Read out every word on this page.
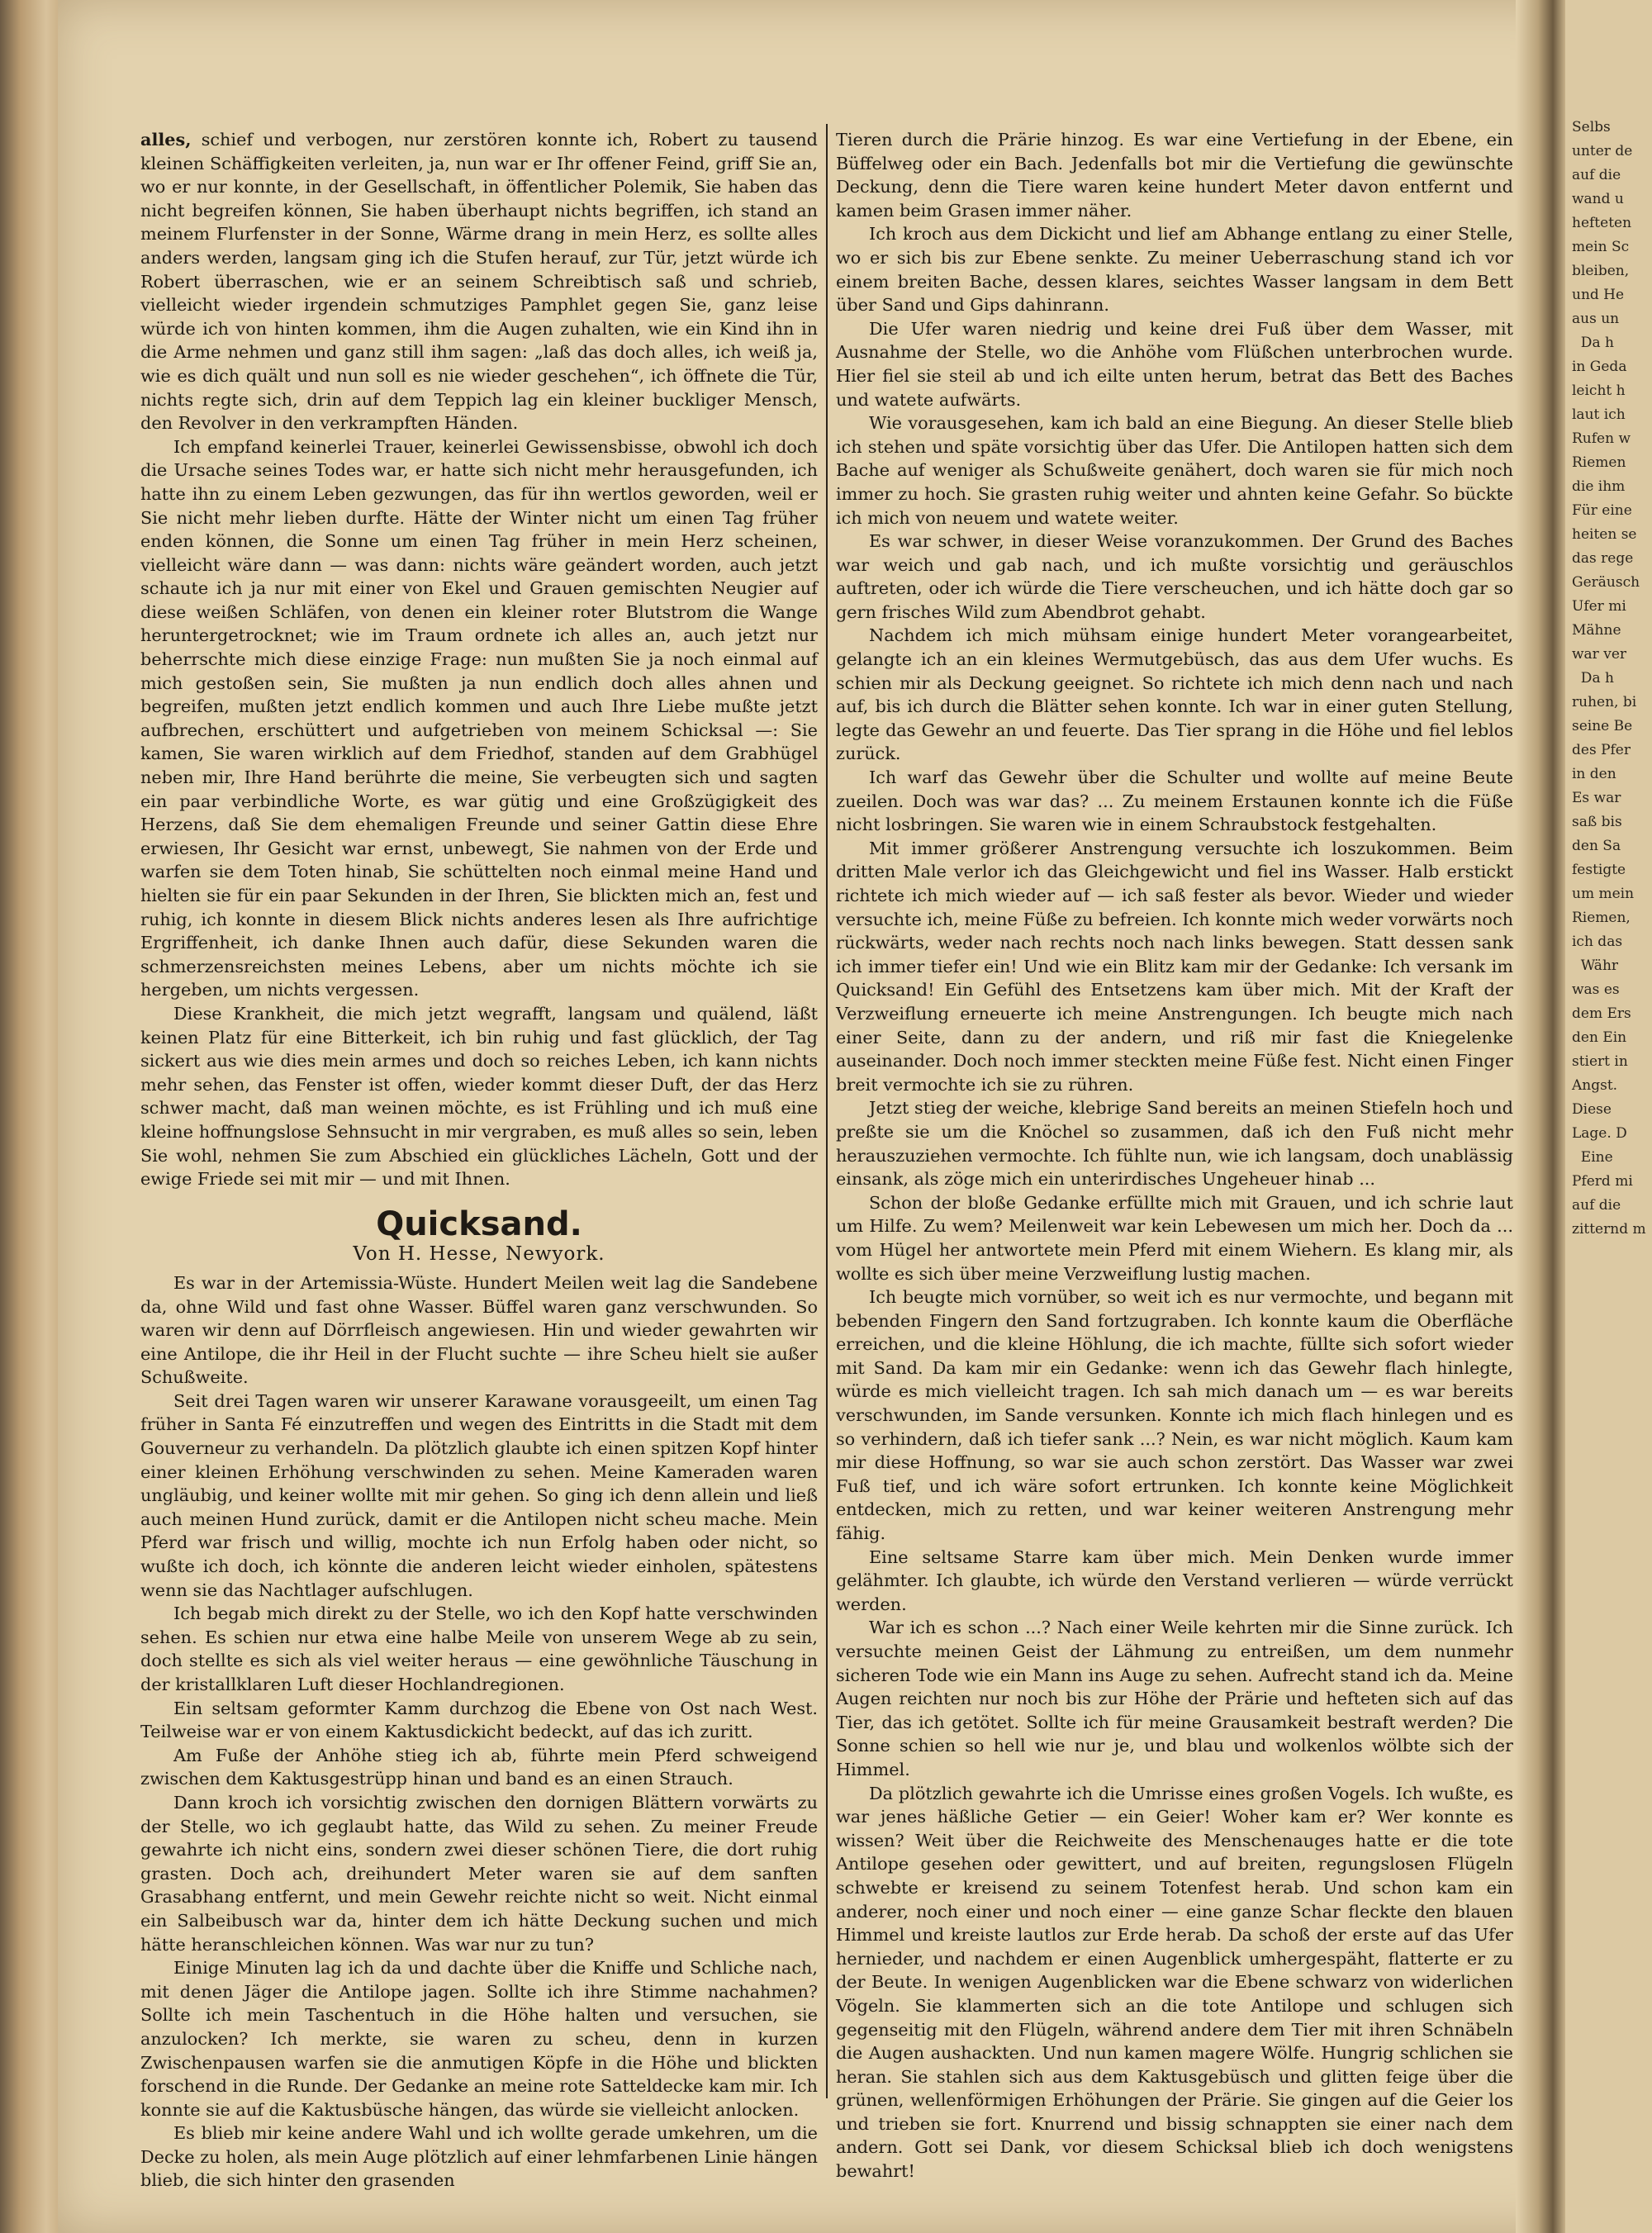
alles, schief und verbogen, nur zerstören konnte ich, Robert zu tausend kleinen Schäffigkeiten verleiten, ja, nun war er Ihr offener Feind, griff Sie an, wo er nur konnte, in der Gesellschaft, in öffentlicher Polemik, Sie haben das nicht begreifen können, Sie haben überhaupt nichts begriffen, ich stand an meinem Flurfenster in der Sonne, Wärme drang in mein Herz, es sollte alles anders werden, langsam ging ich die Stufen herauf, zur Tür, jetzt würde ich Robert überraschen, wie er an seinem Schreibtisch saß und schrieb, vielleicht wieder irgendein schmutziges Pamphlet gegen Sie, ganz leise würde ich von hinten kommen, ihm die Augen zuhalten, wie ein Kind ihn in die Arme nehmen und ganz still ihm sagen: „laß das doch alles, ich weiß ja, wie es dich quält und nun soll es nie wieder geschehen“, ich öffnete die Tür, nichts regte sich, drin auf dem Teppich lag ein kleiner buckliger Mensch, den Revolver in den verkrampften Händen.

Ich empfand keinerlei Trauer, keinerlei Gewissensbisse, obwohl ich doch die Ursache seines Todes war, er hatte sich nicht mehr herausgefunden, ich hatte ihn zu einem Leben gezwungen, das für ihn wertlos geworden, weil er Sie nicht mehr lieben durfte. Hätte der Winter nicht um einen Tag früher enden können, die Sonne um einen Tag früher in mein Herz scheinen, vielleicht wäre dann — was dann: nichts wäre geändert worden, auch jetzt schaute ich ja nur mit einer von Ekel und Grauen gemischten Neugier auf diese weißen Schläfen, von denen ein kleiner roter Blutstrom die Wange heruntergetrocknet; wie im Traum ordnete ich alles an, auch jetzt nur beherrschte mich diese einzige Frage: nun mußten Sie ja noch einmal auf mich gestoßen sein, Sie mußten ja nun endlich doch alles ahnen und begreifen, mußten jetzt endlich kommen und auch Ihre Liebe mußte jetzt aufbrechen, erschüttert und aufgetrieben von meinem Schicksal —: Sie kamen, Sie waren wirklich auf dem Friedhof, standen auf dem Grabhügel neben mir, Ihre Hand berührte die meine, Sie verbeugten sich und sagten ein paar verbindliche Worte, es war gütig und eine Großzügigkeit des Herzens, daß Sie dem ehemaligen Freunde und seiner Gattin diese Ehre erwiesen, Ihr Gesicht war ernst, unbewegt, Sie nahmen von der Erde und warfen sie dem Toten hinab, Sie schüttelten noch einmal meine Hand und hielten sie für ein paar Sekunden in der Ihren, Sie blickten mich an, fest und ruhig, ich konnte in diesem Blick nichts anderes lesen als Ihre aufrichtige Ergriffenheit, ich danke Ihnen auch dafür, diese Sekunden waren die schmerzensreichsten meines Lebens, aber um nichts möchte ich sie hergeben, um nichts vergessen.

Diese Krankheit, die mich jetzt wegrafft, langsam und quälend, läßt keinen Platz für eine Bitterkeit, ich bin ruhig und fast glücklich, der Tag sickert aus wie dies mein armes und doch so reiches Leben, ich kann nichts mehr sehen, das Fenster ist offen, wieder kommt dieser Duft, der das Herz schwer macht, daß man weinen möchte, es ist Frühling und ich muß eine kleine hoffnungslose Sehnsucht in mir vergraben, es muß alles so sein, leben Sie wohl, nehmen Sie zum Abschied ein glückliches Lächeln, Gott und der ewige Friede sei mit mir — und mit Ihnen.

Quicksand.
Von H. Hesse, Newyork.

Es war in der Artemissia-Wüste. Hundert Meilen weit lag die Sandebene da, ohne Wild und fast ohne Wasser. Büffel waren ganz verschwunden. So waren wir denn auf Dörrfleisch angewiesen. Hin und wieder gewahrten wir eine Antilope, die ihr Heil in der Flucht suchte — ihre Scheu hielt sie außer Schußweite.

Seit drei Tagen waren wir unserer Karawane vorausgeeilt, um einen Tag früher in Santa Fé einzutreffen und wegen des Eintritts in die Stadt mit dem Gouverneur zu verhandeln. Da plötzlich glaubte ich einen spitzen Kopf hinter einer kleinen Erhöhung verschwinden zu sehen. Meine Kameraden waren ungläubig, und keiner wollte mit mir gehen. So ging ich denn allein und ließ auch meinen Hund zurück, damit er die Antilopen nicht scheu mache. Mein Pferd war frisch und willig, mochte ich nun Erfolg haben oder nicht, so wußte ich doch, ich könnte die anderen leicht wieder einholen, spätestens wenn sie das Nachtlager aufschlugen.

Ich begab mich direkt zu der Stelle, wo ich den Kopf hatte verschwinden sehen. Es schien nur etwa eine halbe Meile von unserem Wege ab zu sein, doch stellte es sich als viel weiter heraus — eine gewöhnliche Täuschung in der kristallklaren Luft dieser Hochlandregionen.

Ein seltsam geformter Kamm durchzog die Ebene von Ost nach West. Teilweise war er von einem Kaktusdickicht bedeckt, auf das ich zuritt.

Am Fuße der Anhöhe stieg ich ab, führte mein Pferd schweigend zwischen dem Kaktusgestrüpp hinan und band es an einen Strauch.

Dann kroch ich vorsichtig zwischen den dornigen Blättern vorwärts zu der Stelle, wo ich geglaubt hatte, das Wild zu sehen. Zu meiner Freude gewahrte ich nicht eins, sondern zwei dieser schönen Tiere, die dort ruhig grasten. Doch ach, dreihundert Meter waren sie auf dem sanften Grasabhang entfernt, und mein Gewehr reichte nicht so weit. Nicht einmal ein Salbeibusch war da, hinter dem ich hätte Deckung suchen und mich hätte heranschleichen können. Was war nur zu tun?

Einige Minuten lag ich da und dachte über die Kniffe und Schliche nach, mit denen Jäger die Antilope jagen. Sollte ich ihre Stimme nachahmen? Sollte ich mein Taschentuch in die Höhe halten und versuchen, sie anzulocken? Ich merkte, sie waren zu scheu, denn in kurzen Zwischenpausen warfen sie die anmutigen Köpfe in die Höhe und blickten forschend in die Runde. Der Gedanke an meine rote Satteldecke kam mir. Ich konnte sie auf die Kaktusbüsche hängen, das würde sie vielleicht anlocken.

Es blieb mir keine andere Wahl und ich wollte gerade umkehren, um die Decke zu holen, als mein Auge plötzlich auf einer lehmfarbenen Linie hängen blieb, die sich hinter den grasenden

Tieren durch die Prärie hinzog. Es war eine Vertiefung in der Ebene, ein Büffelweg oder ein Bach. Jedenfalls bot mir die Vertiefung die gewünschte Deckung, denn die Tiere waren keine hundert Meter davon entfernt und kamen beim Grasen immer näher.

Ich kroch aus dem Dickicht und lief am Abhange entlang zu einer Stelle, wo er sich bis zur Ebene senkte. Zu meiner Ueberraschung stand ich vor einem breiten Bache, dessen klares, seichtes Wasser langsam in dem Bett über Sand und Gips dahinrann.

Die Ufer waren niedrig und keine drei Fuß über dem Wasser, mit Ausnahme der Stelle, wo die Anhöhe vom Flüßchen unterbrochen wurde. Hier fiel sie steil ab und ich eilte unten herum, betrat das Bett des Baches und watete aufwärts.

Wie vorausgesehen, kam ich bald an eine Biegung. An dieser Stelle blieb ich stehen und späte vorsichtig über das Ufer. Die Antilopen hatten sich dem Bache auf weniger als Schußweite genähert, doch waren sie für mich noch immer zu hoch. Sie grasten ruhig weiter und ahnten keine Gefahr. So bückte ich mich von neuem und watete weiter.

Es war schwer, in dieser Weise voranzukommen. Der Grund des Baches war weich und gab nach, und ich mußte vorsichtig und geräuschlos auftreten, oder ich würde die Tiere verscheuchen, und ich hätte doch gar so gern frisches Wild zum Abendbrot gehabt.

Nachdem ich mich mühsam einige hundert Meter vorangearbeitet, gelangte ich an ein kleines Wermutgebüsch, das aus dem Ufer wuchs. Es schien mir als Deckung geeignet. So richtete ich mich denn nach und nach auf, bis ich durch die Blätter sehen konnte. Ich war in einer guten Stellung, legte das Gewehr an und feuerte. Das Tier sprang in die Höhe und fiel leblos zurück.

Ich warf das Gewehr über die Schulter und wollte auf meine Beute zueilen. Doch was war das? ... Zu meinem Erstaunen konnte ich die Füße nicht losbringen. Sie waren wie in einem Schraubstock festgehalten.

Mit immer größerer Anstrengung versuchte ich loszukommen. Beim dritten Male verlor ich das Gleichgewicht und fiel ins Wasser. Halb erstickt richtete ich mich wieder auf — ich saß fester als bevor. Wieder und wieder versuchte ich, meine Füße zu befreien. Ich konnte mich weder vorwärts noch rückwärts, weder nach rechts noch nach links bewegen. Statt dessen sank ich immer tiefer ein! Und wie ein Blitz kam mir der Gedanke: Ich versank im Quicksand! Ein Gefühl des Entsetzens kam über mich. Mit der Kraft der Verzweiflung erneuerte ich meine Anstrengungen. Ich beugte mich nach einer Seite, dann zu der andern, und riß mir fast die Kniegelenke auseinander. Doch noch immer steckten meine Füße fest. Nicht einen Finger breit vermochte ich sie zu rühren.

Jetzt stieg der weiche, klebrige Sand bereits an meinen Stiefeln hoch und preßte sie um die Knöchel so zusammen, daß ich den Fuß nicht mehr herauszuziehen vermochte. Ich fühlte nun, wie ich langsam, doch unablässig einsank, als zöge mich ein unterirdisches Ungeheuer hinab ...

Schon der bloße Gedanke erfüllte mich mit Grauen, und ich schrie laut um Hilfe. Zu wem? Meilenweit war kein Lebewesen um mich her. Doch da ... vom Hügel her antwortete mein Pferd mit einem Wiehern. Es klang mir, als wollte es sich über meine Verzweiflung lustig machen.

Ich beugte mich vornüber, so weit ich es nur vermochte, und begann mit bebenden Fingern den Sand fortzugraben. Ich konnte kaum die Oberfläche erreichen, und die kleine Höhlung, die ich machte, füllte sich sofort wieder mit Sand. Da kam mir ein Gedanke: wenn ich das Gewehr flach hinlegte, würde es mich vielleicht tragen. Ich sah mich danach um — es war bereits verschwunden, im Sande versunken. Konnte ich mich flach hinlegen und es so verhindern, daß ich tiefer sank ...? Nein, es war nicht möglich. Kaum kam mir diese Hoffnung, so war sie auch schon zerstört. Das Wasser war zwei Fuß tief, und ich wäre sofort ertrunken. Ich konnte keine Möglichkeit entdecken, mich zu retten, und war keiner weiteren Anstrengung mehr fähig.

Eine seltsame Starre kam über mich. Mein Denken wurde immer gelähmter. Ich glaubte, ich würde den Verstand verlieren — würde verrückt werden.

War ich es schon ...? Nach einer Weile kehrten mir die Sinne zurück. Ich versuchte meinen Geist der Lähmung zu entreißen, um dem nunmehr sicheren Tode wie ein Mann ins Auge zu sehen. Aufrecht stand ich da. Meine Augen reichten nur noch bis zur Höhe der Prärie und hefteten sich auf das Tier, das ich getötet. Sollte ich für meine Grausamkeit bestraft werden? Die Sonne schien so hell wie nur je, und blau und wolkenlos wölbte sich der Himmel.

Da plötzlich gewahrte ich die Umrisse eines großen Vogels. Ich wußte, es war jenes häßliche Getier — ein Geier! Woher kam er? Wer konnte es wissen? Weit über die Reichweite des Menschenauges hatte er die tote Antilope gesehen oder gewittert, und auf breiten, regungslosen Flügeln schwebte er kreisend zu seinem Totenfest herab. Und schon kam ein anderer, noch einer und noch einer — eine ganze Schar fleckte den blauen Himmel und kreiste lautlos zur Erde herab. Da schoß der erste auf das Ufer hernieder, und nachdem er einen Augenblick umhergespäht, flatterte er zu der Beute. In wenigen Augenblicken war die Ebene schwarz von widerlichen Vögeln. Sie klammerten sich an die tote Antilope und schlugen sich gegenseitig mit den Flügeln, während andere dem Tier mit ihren Schnäbeln die Augen aushackten. Und nun kamen magere Wölfe. Hungrig schlichen sie heran. Sie stahlen sich aus dem Kaktusgebüsch und glitten feige über die grünen, wellenförmigen Erhöhungen der Prärie. Sie gingen auf die Geier los und trieben sie fort. Knurrend und bissig schnappten sie einer nach dem andern. Gott sei Dank, vor diesem Schicksal blieb ich doch wenigstens bewahrt!

Selbs
unter de
auf die
wand u
hefteten
mein Sc
bleiben,
und He
aus un
Da h
in Geda
leicht h
laut ich
Rufen w
Riemen
die ihm
Für eine
heiten se
das rege
Geräusch
Ufer mi
Mähne
war ver
Da h
ruhen, bi
seine Be
des Pfer
in den
Es war
saß bis
den Sa
festigte
um mein
Riemen,
ich das
Währ
was es
dem Ers
den Ein
stiert in
Angst.
Diese
Lage. D
Eine
Pferd mi
auf die
zitternd m
